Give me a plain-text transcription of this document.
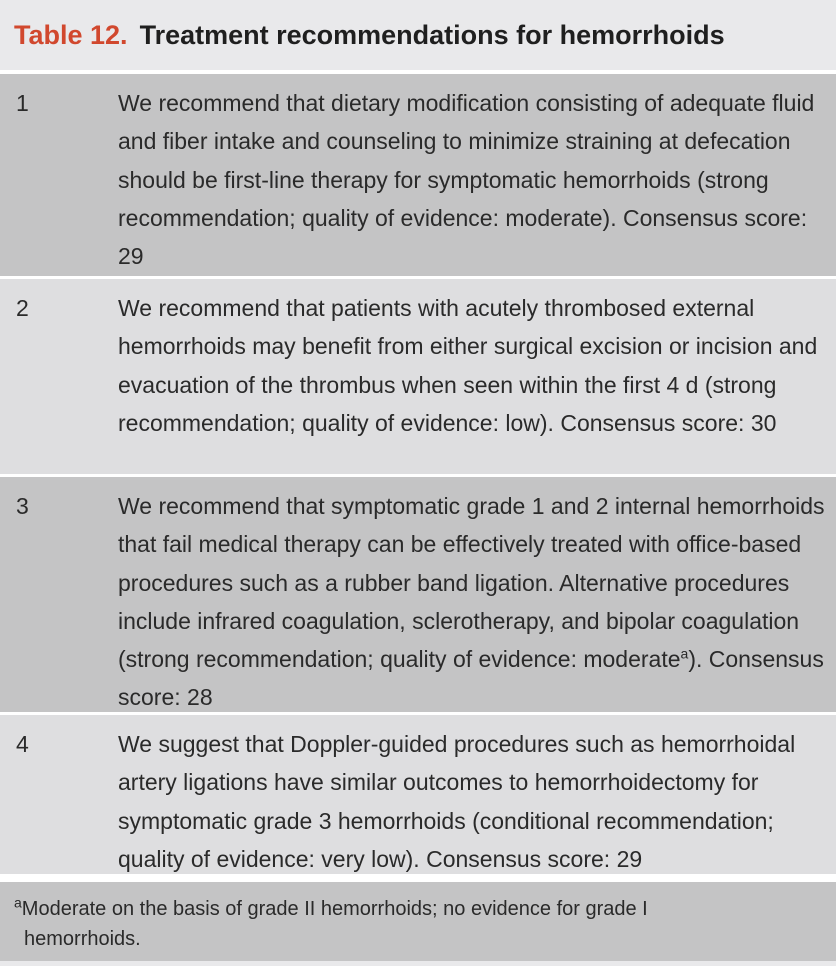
Table 12. Treatment recommendations for hemorrhoids
1	We recommend that dietary modification consisting of adequate fluid and fiber intake and counseling to minimize straining at defecation should be first-line therapy for symptomatic hemorrhoids (strong recommendation; quality of evidence: moderate). Consensus score: 29
2	We recommend that patients with acutely thrombosed external hemorrhoids may benefit from either surgical excision or incision and evacuation of the thrombus when seen within the first 4 d (strong recommendation; quality of evidence: low). Consensus score: 30
3	We recommend that symptomatic grade 1 and 2 internal hemorrhoids that fail medical therapy can be effectively treated with office-based procedures such as a rubber band ligation. Alternative procedures include infrared coagulation, sclerotherapy, and bipolar coagulation (strong recommendation; quality of evidence: moderate$^a$). Consensus score: 28
4	We suggest that Doppler-guided procedures such as hemorrhoidal artery ligations have similar outcomes to hemorrhoidectomy for symptomatic grade 3 hemorrhoids (conditional recommendation; quality of evidence: very low). Consensus score: 29
$^a$Moderate on the basis of grade II hemorrhoids; no evidence for grade I
hemorrhoids.
